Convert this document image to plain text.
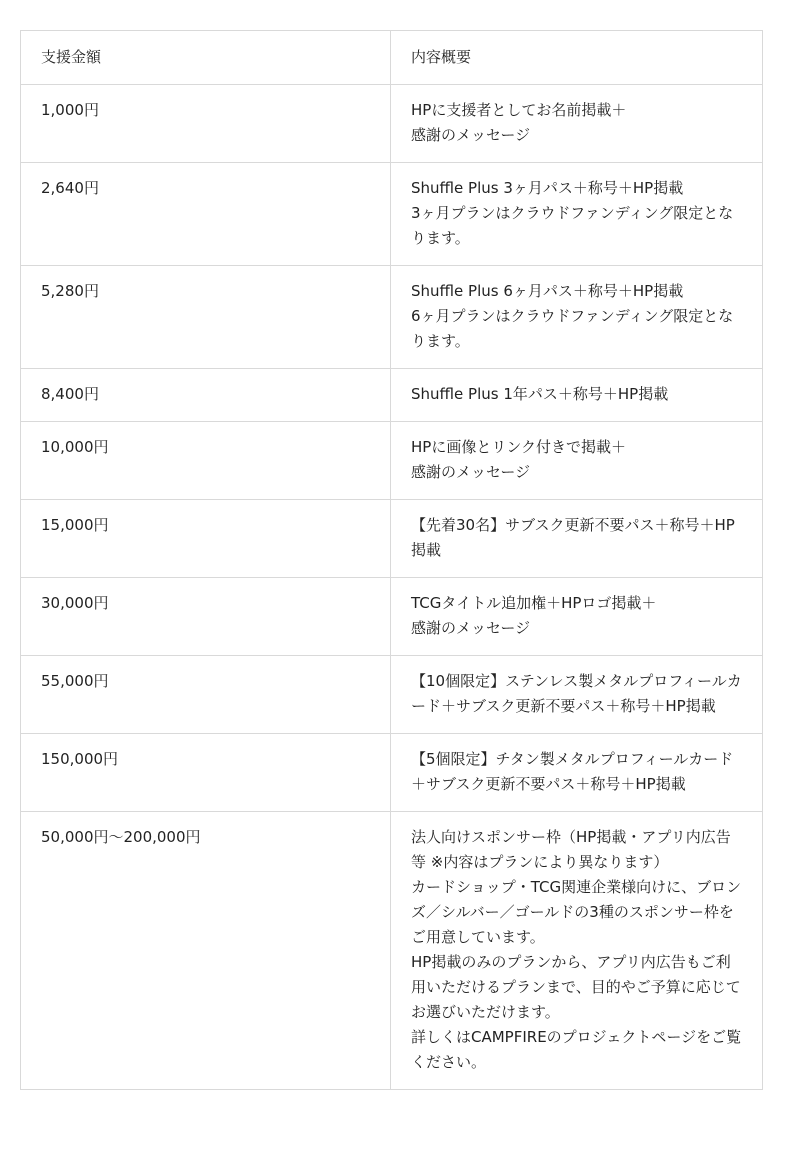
支援金額	内容概要
1,000円	HPに支援者としてお名前掲載＋
感謝のメッセージ
2,640円	Shuffle Plus 3ヶ月パス＋称号＋HP掲載
3ヶ月プランはクラウドファンディング限定となります。
5,280円	Shuffle Plus 6ヶ月パス＋称号＋HP掲載
6ヶ月プランはクラウドファンディング限定となります。
8,400円	Shuffle Plus 1年パス＋称号＋HP掲載
10,000円	HPに画像とリンク付きで掲載＋
感謝のメッセージ
15,000円	【先着30名】サブスク更新不要パス＋称号＋HP掲載
30,000円	TCGタイトル追加権＋HPロゴ掲載＋
感謝のメッセージ
55,000円	【10個限定】ステンレス製メタルプロフィールカード＋サブスク更新不要パス＋称号＋HP掲載
150,000円	【5個限定】チタン製メタルプロフィールカード＋サブスク更新不要パス＋称号＋HP掲載
50,000円〜200,000円	法人向けスポンサー枠（HP掲載・アプリ内広告等 ※内容はプランにより異なります）
カードショップ・TCG関連企業様向けに、ブロンズ／シルバー／ゴールドの3種のスポンサー枠をご用意しています。
HP掲載のみのプランから、アプリ内広告もご利用いただけるプランまで、目的やご予算に応じてお選びいただけます。
詳しくはCAMPFIREのプロジェクトページをご覧ください。
